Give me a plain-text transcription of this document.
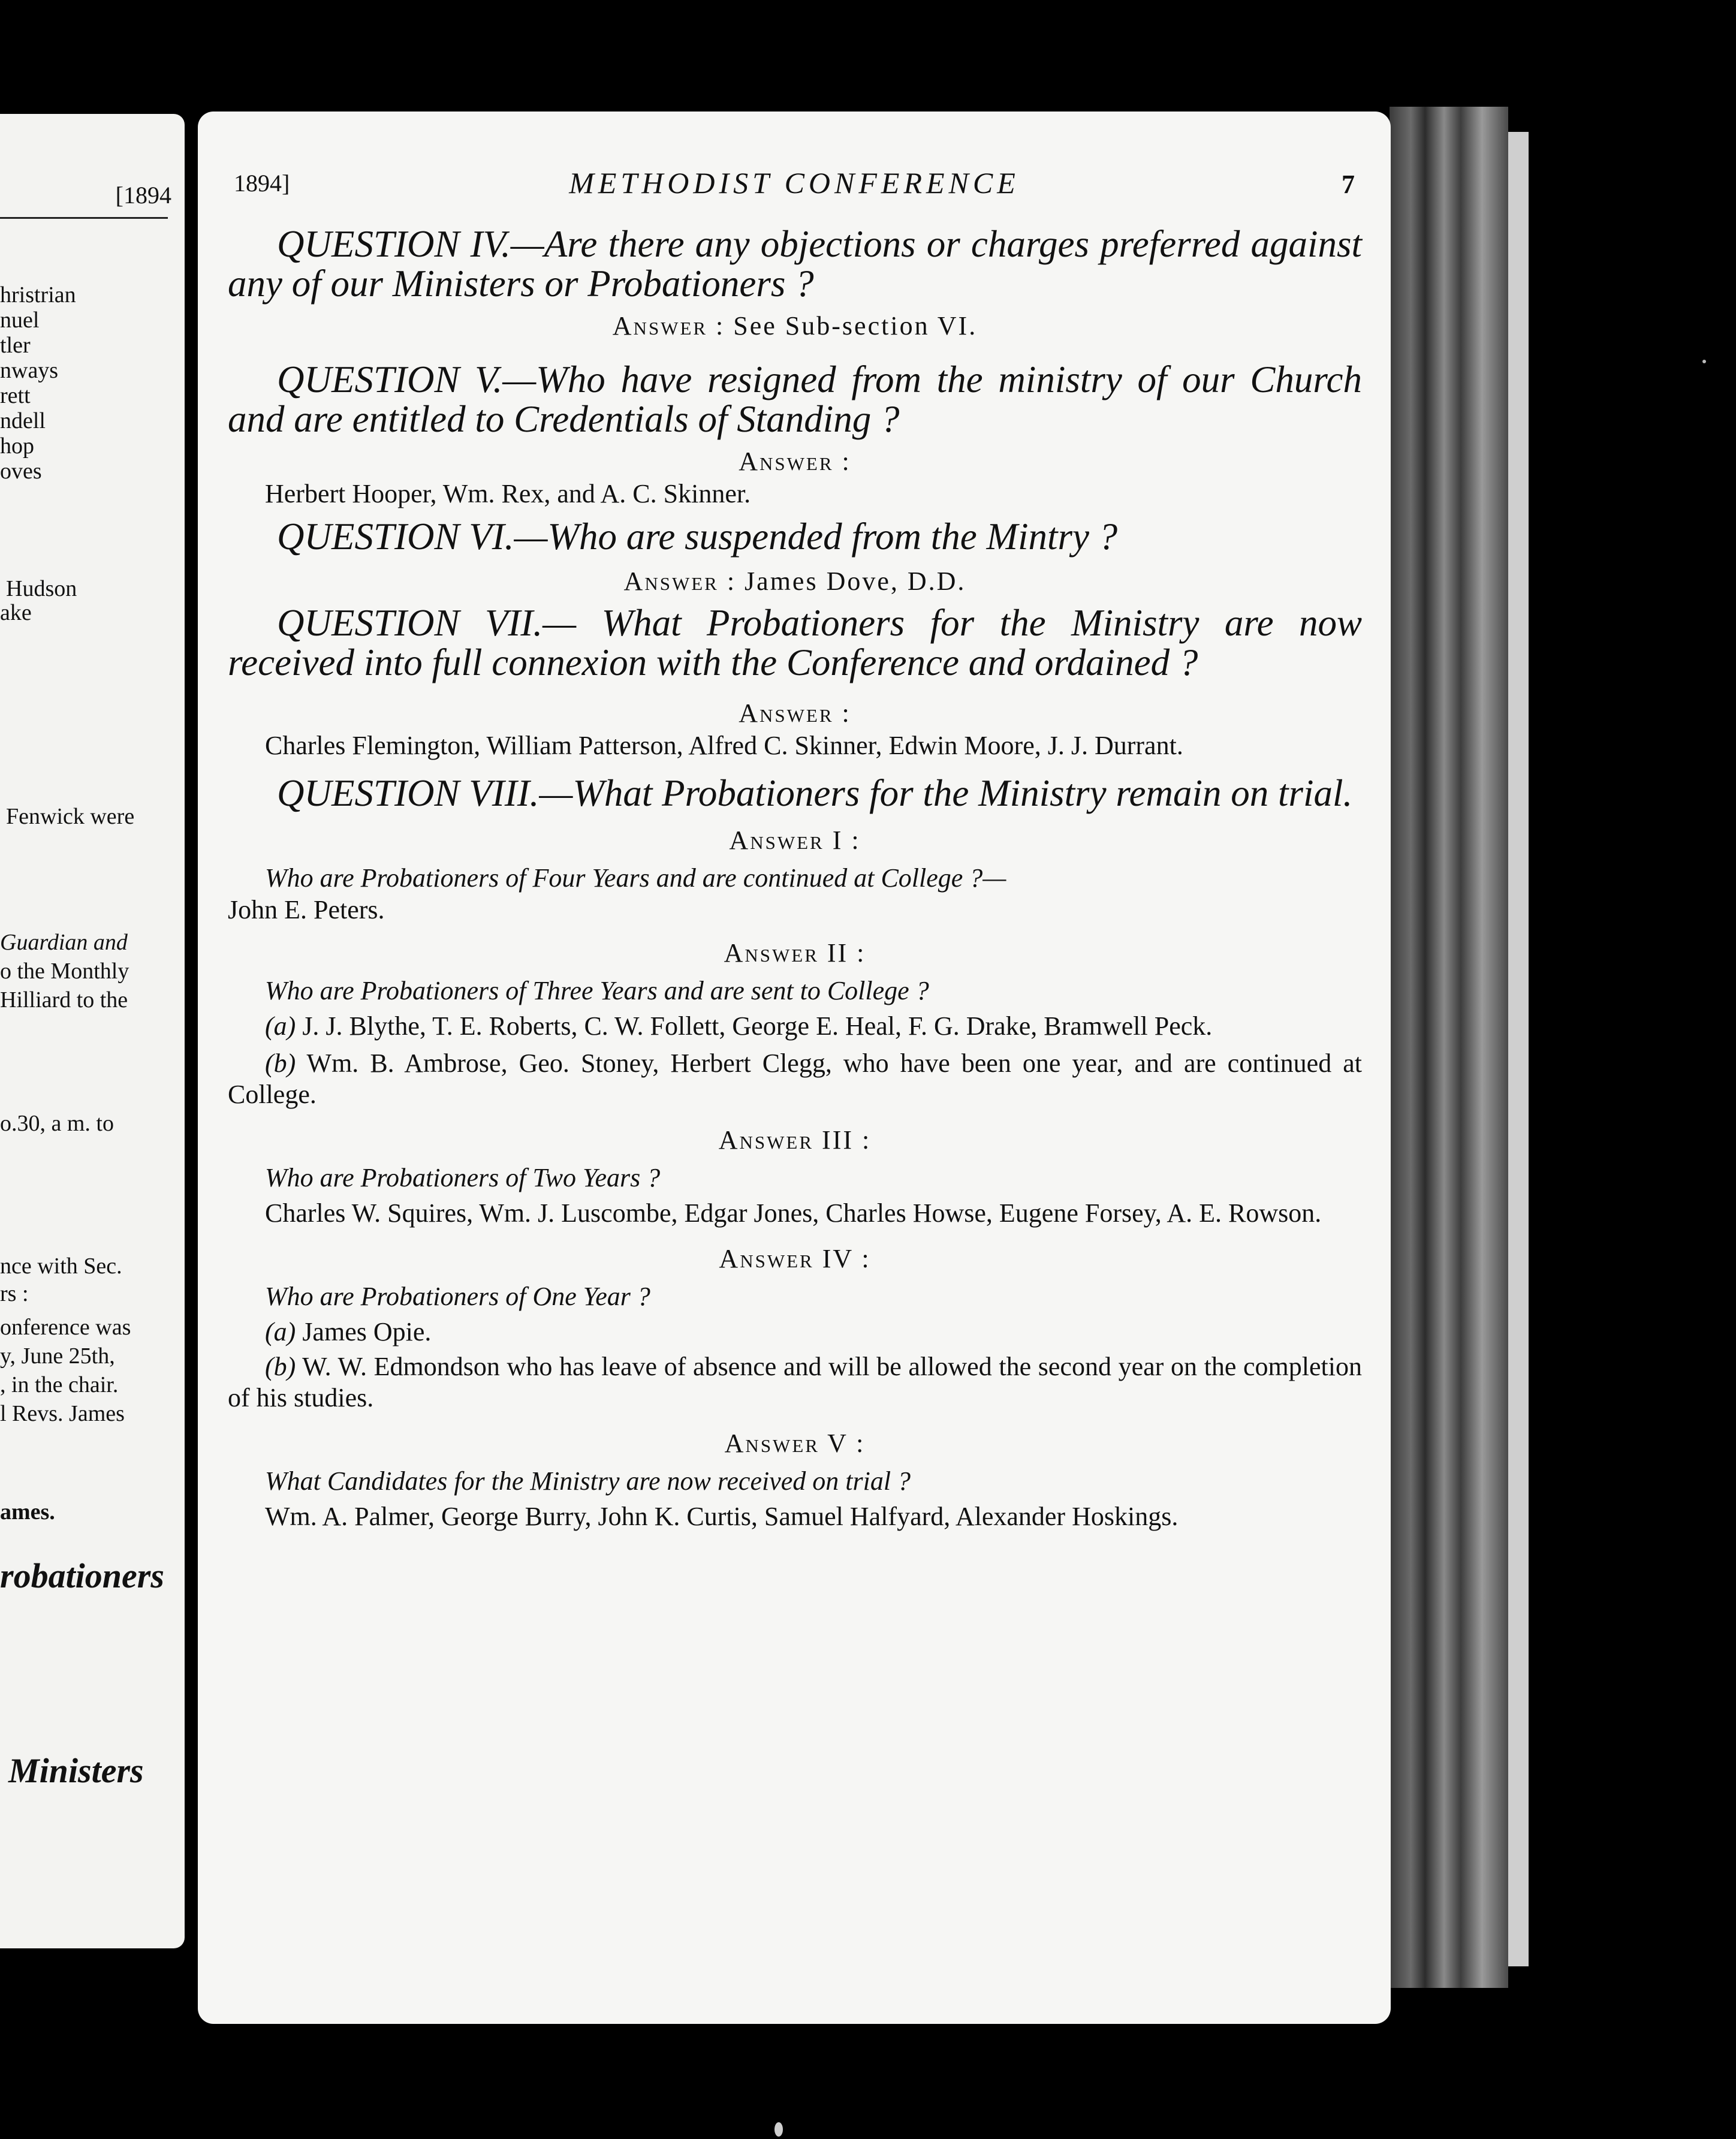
[1894
hristrian
nuel
tler
nways
rett
ndell
hop
oves
Hudson
ake
Fenwick were
Guardian and
o the Monthly
Hilliard to the
o.30, a m. to
nce with Sec.
rs :
onference was
y, June 25th,
, in the chair.
l Revs. James
ames.
robationers
Ministers
1894]	METHODIST CONFERENCE	7

QUESTION IV.—Are there any objections or charges preferred against any of our Ministers or Probationers ?

Answer : See Sub-section VI.

QUESTION V.—Who have resigned from the ministry of our Church and are entitled to Credentials of Standing ?

Answer :

Herbert Hooper, Wm. Rex, and A. C. Skinner.

QUESTION VI.—Who are suspended from the Mintry ?

Answer : James Dove, D.D.

QUESTION VII.— What Probationers for the Ministry are now received into full connexion with the Conference and ordained ?

Answer :

Charles Flemington, William Patterson, Alfred C. Skinner, Edwin Moore, J. J. Durrant.

QUESTION VIII.—What Probationers for the Ministry remain on trial.

Answer I :

Who are Probationers of Four Years and are continued at College ?—

John E. Peters.

Answer II :

Who are Probationers of Three Years and are sent to College ?

(a) J. J. Blythe, T. E. Roberts, C. W. Follett, George E. Heal, F. G. Drake, Bramwell Peck.

(b) Wm. B. Ambrose, Geo. Stoney, Herbert Clegg, who have been one year, and are continued at College.

Answer III :

Who are Probationers of Two Years ?

Charles W. Squires, Wm. J. Luscombe, Edgar Jones, Charles Howse, Eugene Forsey, A. E. Rowson.

Answer IV :

Who are Probationers of One Year ?

(a) James Opie.

(b) W. W. Edmondson who has leave of absence and will be allowed the second year on the completion of his studies.

Answer V :

What Candidates for the Ministry are now received on trial ?

Wm. A. Palmer, George Burry, John K. Curtis, Samuel Halfyard, Alexander Hoskings.
